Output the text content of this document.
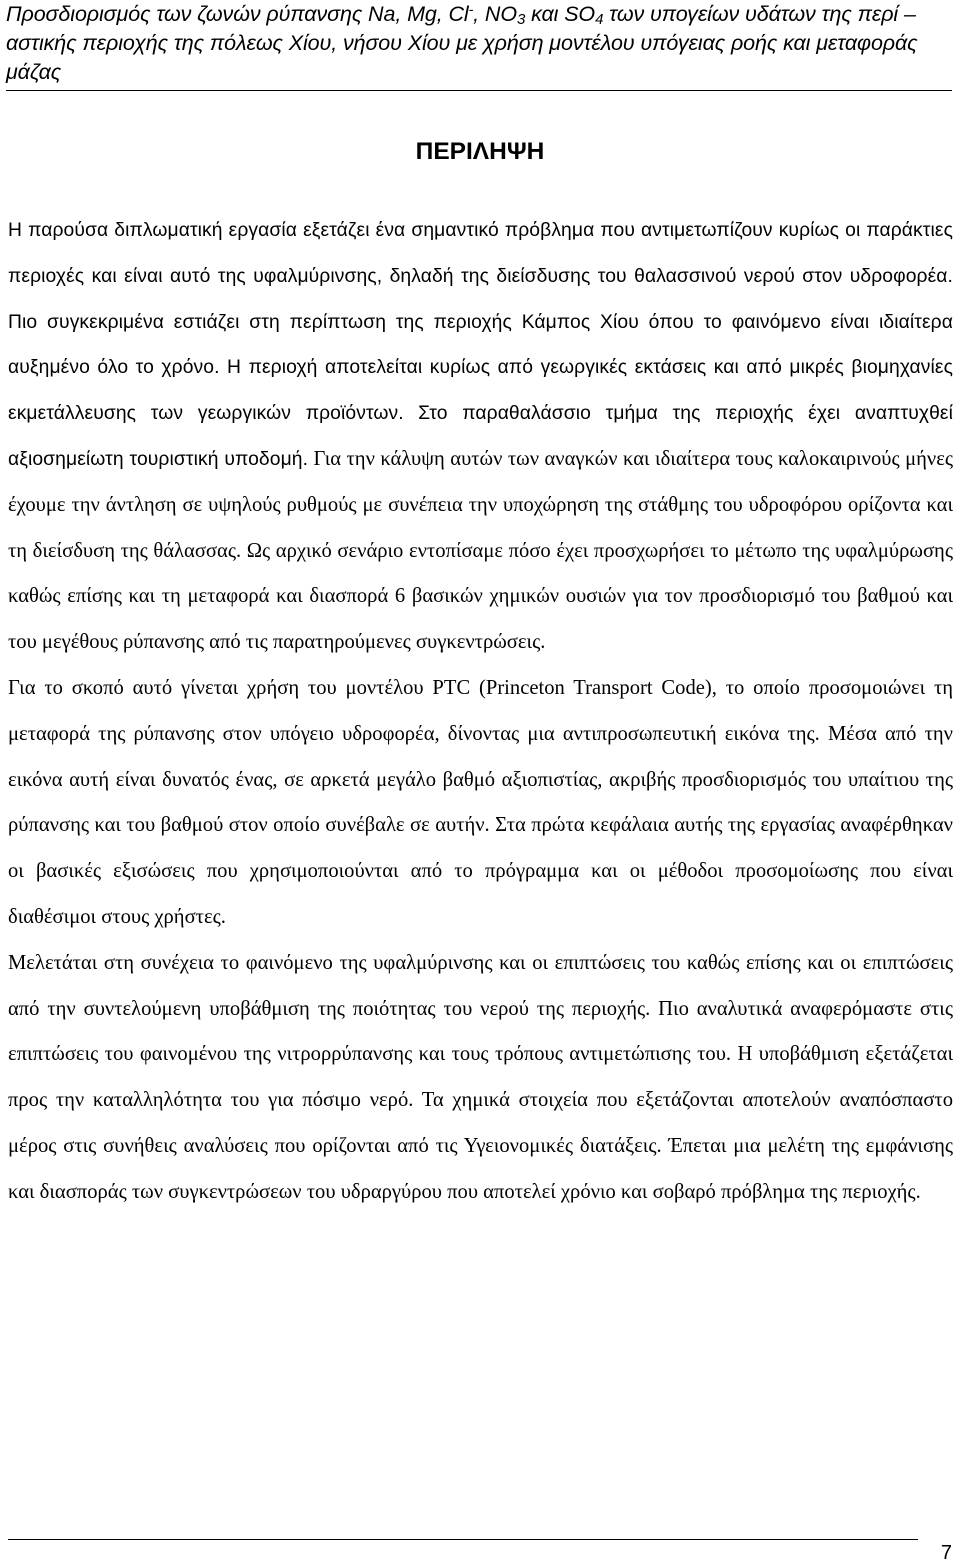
Προσδιορισμός των ζωνών ρύπανσης Na, Mg, Cl-, $NO_3$ και $SO_4$ των υπογείων υδάτων της περί – αστικής περιοχής της πόλεως Χίου, νήσου Χίου με χρήση μοντέλου υπόγειας ροής και μεταφοράς μάζας
ΠΕΡΙΛΗΨΗ

Η παρούσα διπλωματική εργασία εξετάζει ένα σημαντικό πρόβλημα που αντιμετωπίζουν κυρίως οι παράκτιες περιοχές και είναι αυτό της υφαλμύρινσης, δηλαδή της διείσδυσης του θαλασσινού νερού στον υδροφορέα. Πιο συγκεκριμένα εστιάζει στη περίπτωση της περιοχής Κάμπος Χίου όπου το φαινόμενο είναι ιδιαίτερα αυξημένο όλο το χρόνο. Η περιοχή αποτελείται κυρίως από γεωργικές εκτάσεις και από μικρές βιομηχανίες εκμετάλλευσης των γεωργικών προϊόντων. Στο παραθαλάσσιο τμήμα της περιοχής έχει αναπτυχθεί αξιοσημείωτη τουριστική υποδομή. Για την κάλυψη αυτών των αναγκών και ιδιαίτερα τους καλοκαιρινούς μήνες έχουμε την άντληση σε υψηλούς ρυθμούς με συνέπεια την υποχώρηση της στάθμης του υδροφόρου ορίζοντα και τη διείσδυση της θάλασσας. Ως αρχικό σενάριο εντοπίσαμε πόσο έχει προσχωρήσει το μέτωπο της υφαλμύρωσης καθώς επίσης και τη μεταφορά και διασπορά 6 βασικών χημικών ουσιών για τον προσδιορισμό του βαθμού και του μεγέθους ρύπανσης από τις παρατηρούμενες συγκεντρώσεις.

Για το σκοπό αυτό γίνεται χρήση του μοντέλου PTC (Princeton Transport Code), το οποίο προσομοιώνει τη μεταφορά της ρύπανσης στον υπόγειο υδροφορέα, δίνοντας μια αντιπροσωπευτική εικόνα της. Μέσα από την εικόνα αυτή είναι δυνατός ένας, σε αρκετά μεγάλο βαθμό αξιοπιστίας, ακριβής προσδιορισμός του υπαίτιου της ρύπανσης και του βαθμού στον οποίο συνέβαλε σε αυτήν. Στα πρώτα κεφάλαια αυτής της εργασίας αναφέρθηκαν οι βασικές εξισώσεις που χρησιμοποιούνται από το πρόγραμμα και οι μέθοδοι προσομοίωσης που είναι διαθέσιμοι στους χρήστες.

Μελετάται στη συνέχεια το φαινόμενο της υφαλμύρινσης και οι επιπτώσεις του καθώς επίσης και οι επιπτώσεις από την συντελούμενη υποβάθμιση της ποιότητας του νερού της περιοχής. Πιο αναλυτικά αναφερόμαστε στις επιπτώσεις του φαινομένου της νιτρορρύπανσης και τους τρόπους αντιμετώπισης του. Η υποβάθμιση εξετάζεται προς την καταλληλότητα του για πόσιμο νερό. Τα χημικά στοιχεία που εξετάζονται αποτελούν αναπόσπαστο μέρος στις συνήθεις αναλύσεις που ορίζονται από τις Υγειονομικές διατάξεις. Έπεται μια μελέτη της εμφάνισης και διασποράς των συγκεντρώσεων του υδραργύρου που αποτελεί χρόνιο και σοβαρό πρόβλημα της περιοχής.

7
